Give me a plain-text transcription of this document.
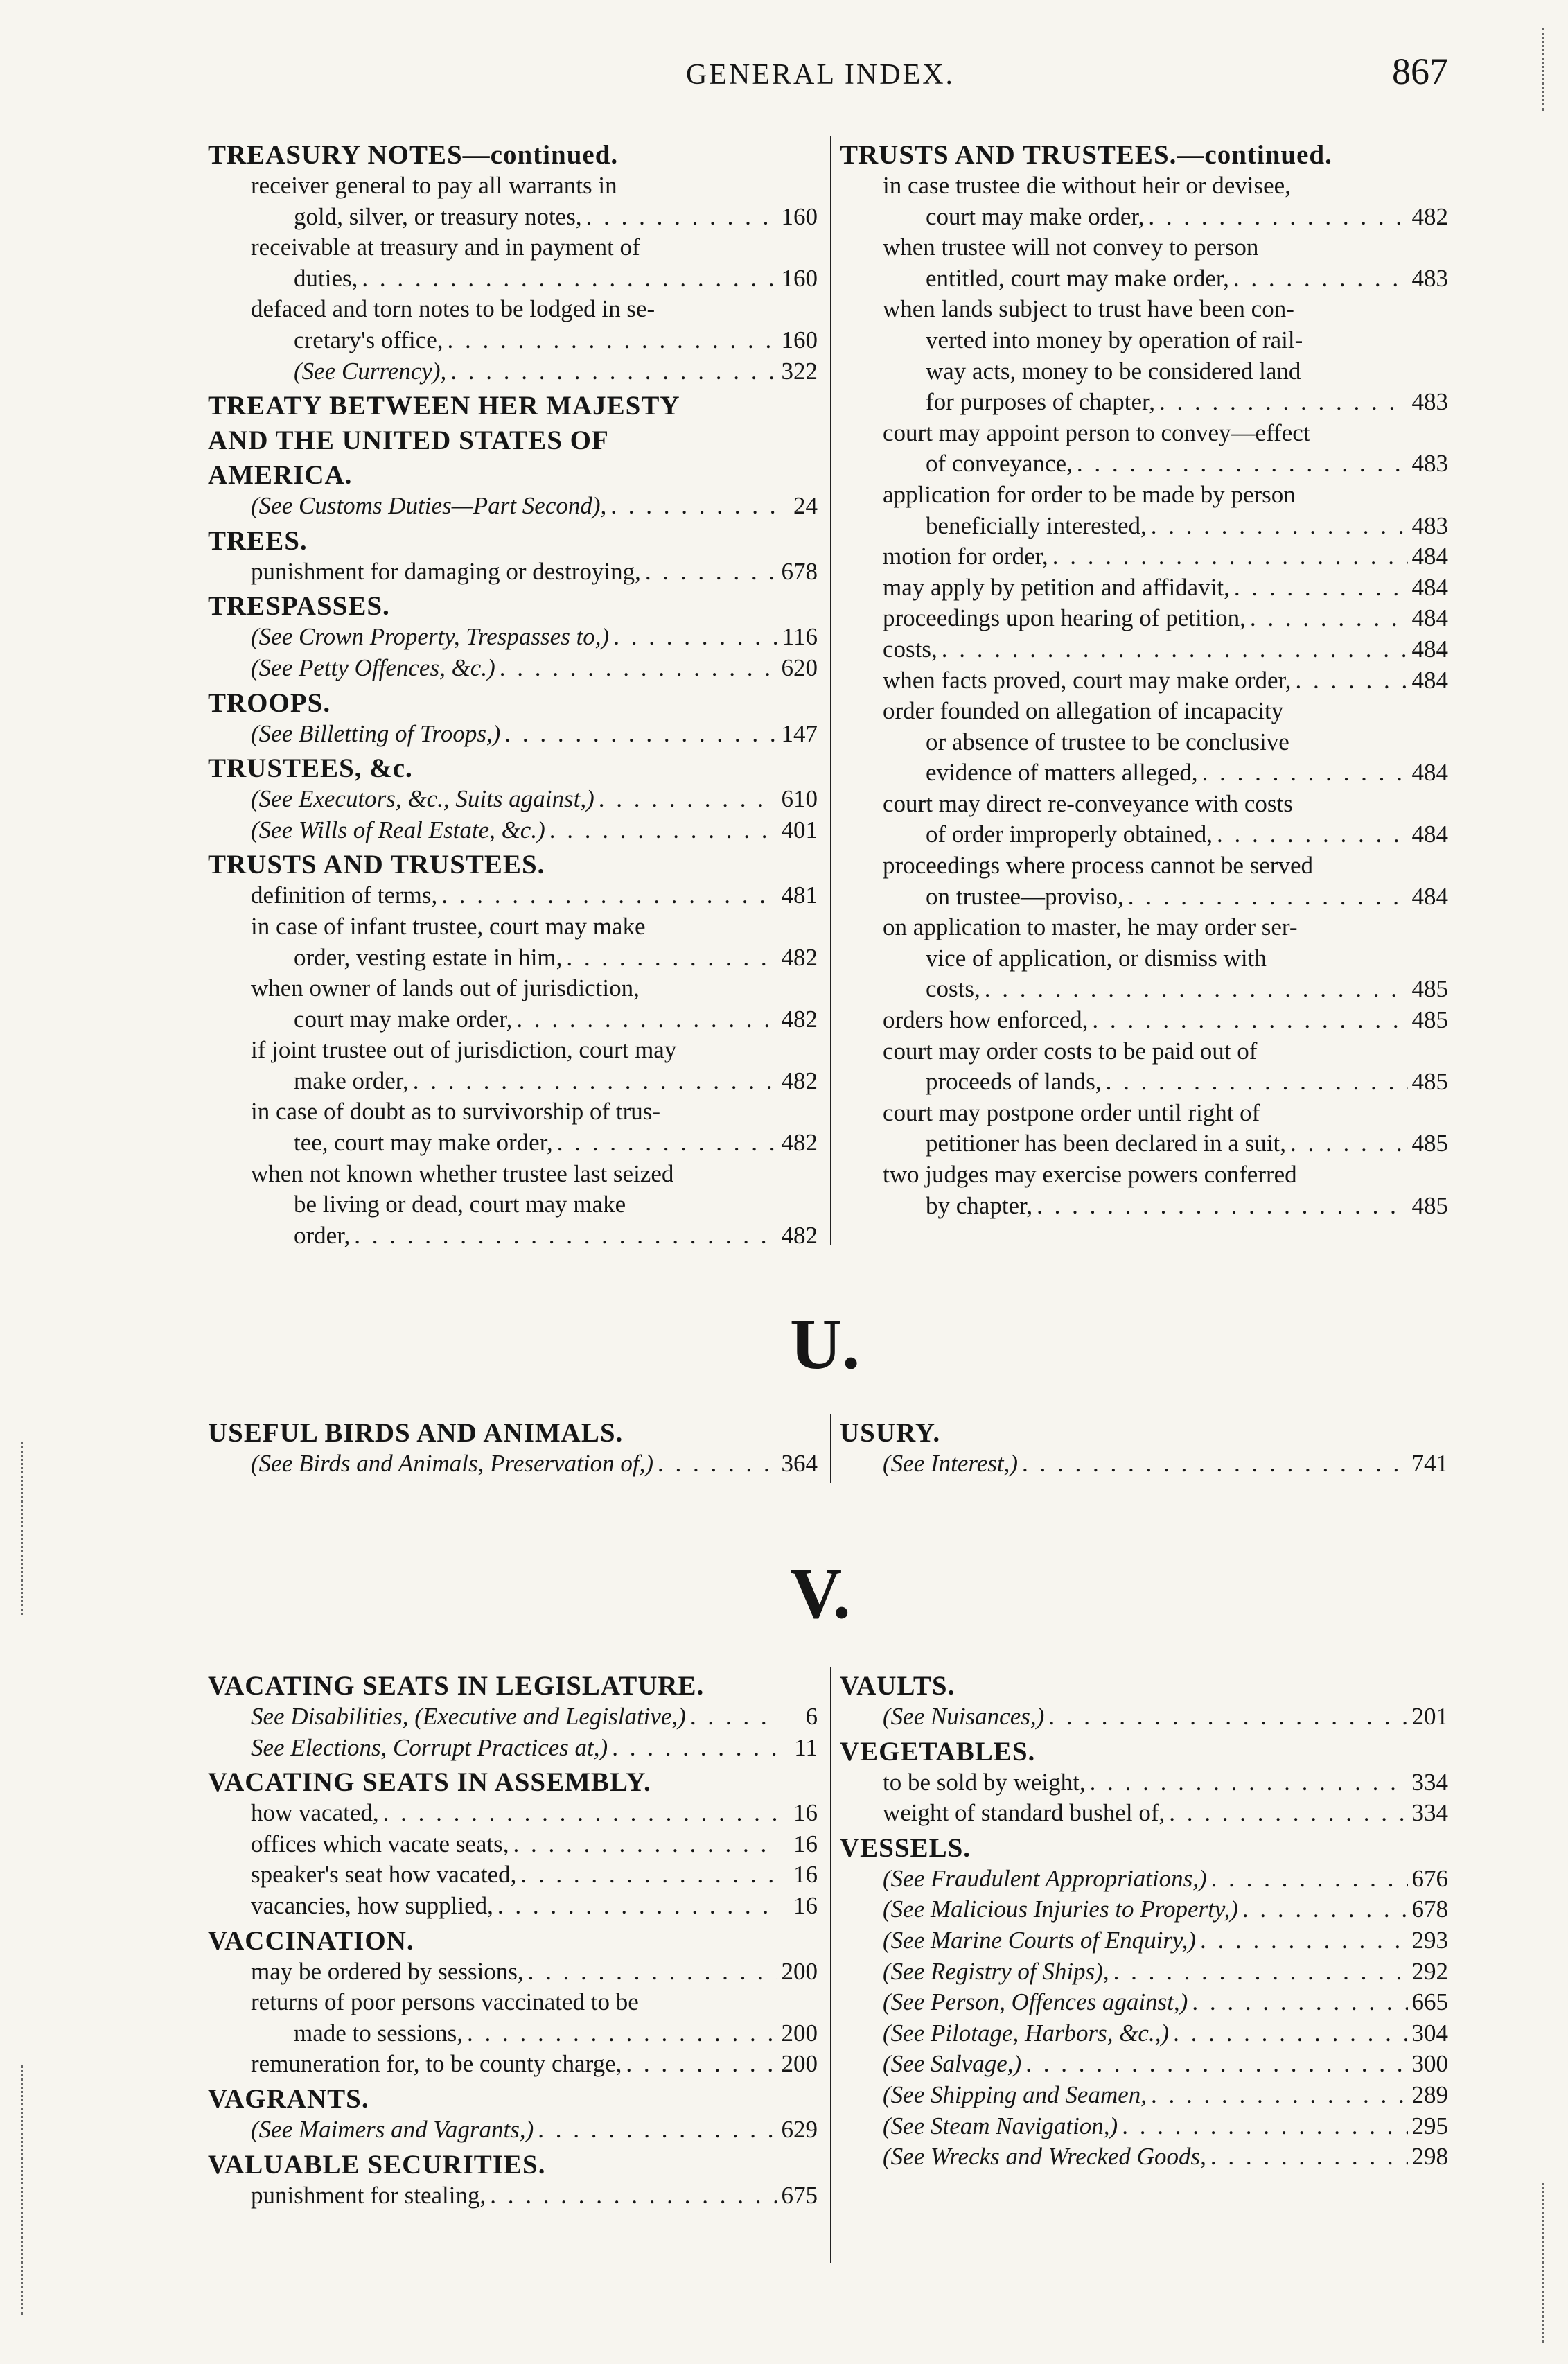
GENERAL INDEX.	867
TREASURY NOTES—continued.
receiver general to pay all warrants in
gold, silver, or treasury notes, . . .	160
receivable at treasury and in payment of
duties, . . .	160
defaced and torn notes to be lodged in se-
cretary's office, . . .	160
(See Currency), . . .	322
TREATY BETWEEN HER MAJESTY
AND THE UNITED STATES OF
AMERICA.
(See Customs Duties—Part Second), . . .	24
TREES.
punishment for damaging or destroying, . . .	678
TRESPASSES.
(See Crown Property, Trespasses to,) . . .	116
(See Petty Offences, &c.) . . .	620
TROOPS.
(See Billetting of Troops,) . . .	147
TRUSTEES, &c.
(See Executors, &c., Suits against,) . . .	610
(See Wills of Real Estate, &c.) . . .	401
TRUSTS AND TRUSTEES.
definition of terms, . . .	481
in case of infant trustee, court may make
order, vesting estate in him, . . .	482
when owner of lands out of jurisdiction,
court may make order, . . .	482
if joint trustee out of jurisdiction, court may
make order, . . .	482
in case of doubt as to survivorship of trus-
tee, court may make order, . . .	482
when not known whether trustee last seized
be living or dead, court may make
order, . . .	482
TRUSTS AND TRUSTEES.—continued.
in case trustee die without heir or devisee,
court may make order, . . .	482
when trustee will not convey to person
entitled, court may make order, . . .	483
when lands subject to trust have been con-
verted into money by operation of rail-
way acts, money to be considered land
for purposes of chapter, . . .	483
court may appoint person to convey—effect
of conveyance, . . .	483
application for order to be made by person
beneficially interested, . . .	483
motion for order, . . .	484
may apply by petition and affidavit, . . .	484
proceedings upon hearing of petition, . . .	484
costs, . . .	484
when facts proved, court may make order, . . .	484
order founded on allegation of incapacity
or absence of trustee to be conclusive
evidence of matters alleged, . . .	484
court may direct re-conveyance with costs
of order improperly obtained, . . .	484
proceedings where process cannot be served
on trustee—proviso, . . .	484
on application to master, he may order ser-
vice of application, or dismiss with
costs, . . .	485
orders how enforced, . . .	485
court may order costs to be paid out of
proceeds of lands, . . .	485
court may postpone order until right of
petitioner has been declared in a suit, . . .	485
two judges may exercise powers conferred
by chapter, . . .	485
U.
USEFUL BIRDS AND ANIMALS.
(See Birds and Animals, Preservation of,) . . .	364
USURY.
(See Interest,) . . .	741
V.
VACATING SEATS IN LEGISLATURE.
See Disabilities, (Executive and Legislative,) . . .	6
See Elections, Corrupt Practices at,) . . .	11
VACATING SEATS IN ASSEMBLY.
how vacated, . . .	16
offices which vacate seats, . . .	16
speaker's seat how vacated, . . .	16
vacancies, how supplied, . . .	16
VACCINATION.
may be ordered by sessions, . . .	200
returns of poor persons vaccinated to be
made to sessions, . . .	200
remuneration for, to be county charge, . . .	200
VAGRANTS.
(See Maimers and Vagrants,) . . .	629
VALUABLE SECURITIES.
punishment for stealing, . . .	675
VAULTS.
(See Nuisances,) . . .	201
VEGETABLES.
to be sold by weight, . . .	334
weight of standard bushel of, . . .	334
VESSELS.
(See Fraudulent Appropriations,) . . .	676
(See Malicious Injuries to Property,) . . .	678
(See Marine Courts of Enquiry,) . . .	293
(See Registry of Ships), . . .	292
(See Person, Offences against,) . . .	665
(See Pilotage, Harbors, &c.,) . . .	304
(See Salvage,) . . .	300
(See Shipping and Seamen, . . .	289
(See Steam Navigation,) . . .	295
(See Wrecks and Wrecked Goods, . . .	298
